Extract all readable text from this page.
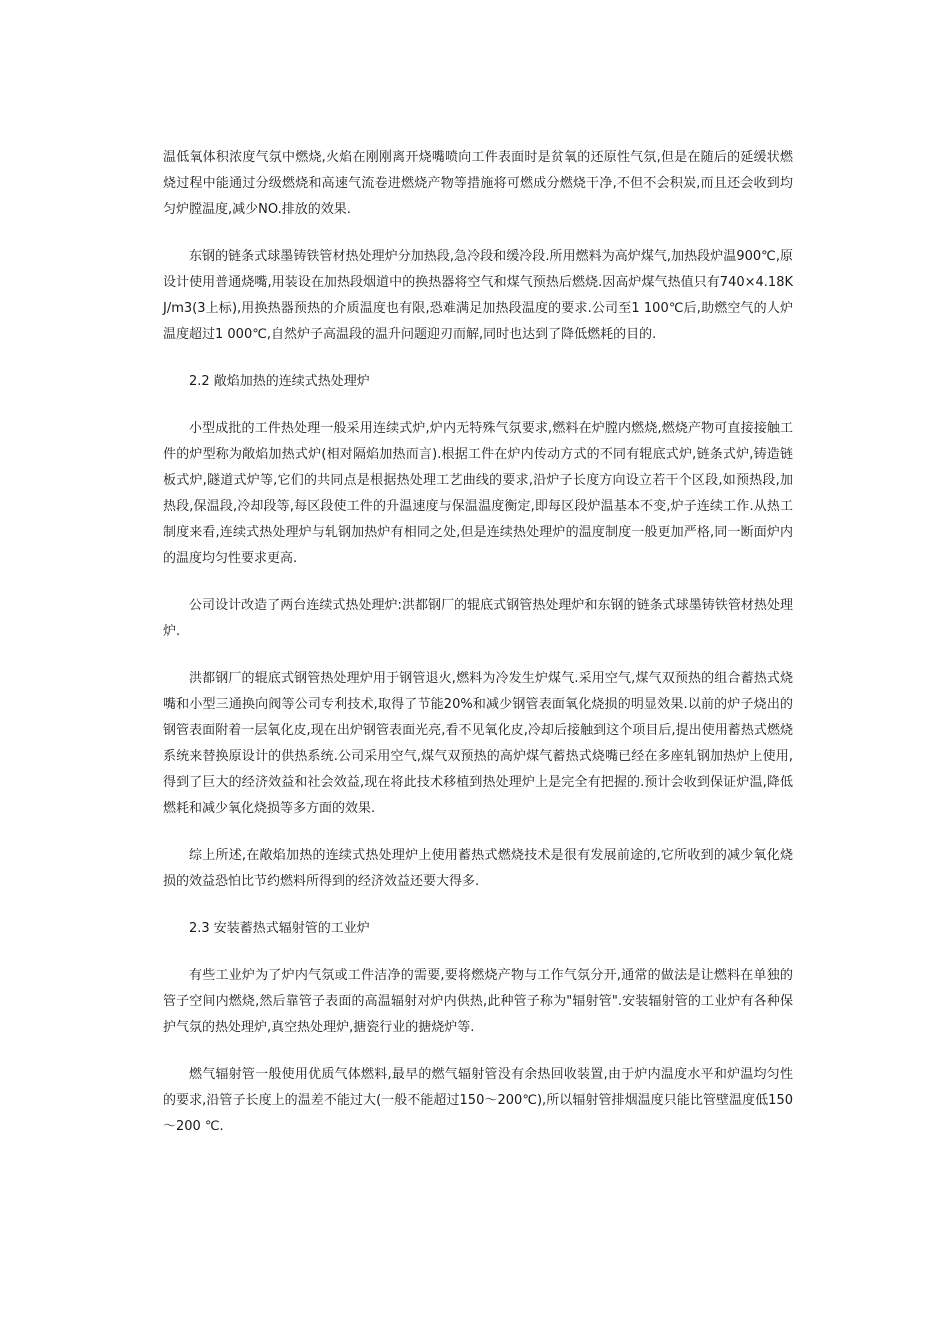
温低氧体积浓度气氛中燃烧,火焰在刚刚离开烧嘴喷向工件表面时是贫氧的还原性气氛,但是在随后的延缓状燃烧过程中能通过分级燃烧和高速气流卷进燃烧产物等措施将可燃成分燃烧干净,不但不会积炭,而且还会收到均匀炉膛温度,减少NO.排放的效果.

东钢的链条式球墨铸铁管材热处理炉分加热段,急冷段和缓冷段.所用燃料为高炉煤气,加热段炉温900℃,原设计使用普通烧嘴,用装设在加热段烟道中的换热器将空气和煤气预热后燃烧.因高炉煤气热值只有740×4.18KJ/m3(3上标),用换热器预热的介质温度也有限,恐难满足加热段温度的要求.公司至1 100℃后,助燃空气的人炉温度超过1 000℃,自然炉子高温段的温升问题迎刃而解,同时也达到了降低燃耗的目的.

2.2 敞焰加热的连续式热处理炉

小型成批的工件热处理一般采用连续式炉,炉内无特殊气氛要求,燃料在炉膛内燃烧,燃烧产物可直接接触工件的炉型称为敞焰加热式炉(相对隔焰加热而言).根据工件在炉内传动方式的不同有辊底式炉,链条式炉,铸造链板式炉,隧道式炉等,它们的共同点是根据热处理工艺曲线的要求,沿炉子长度方向设立若干个区段,如预热段,加热段,保温段,冷却段等,每区段使工件的升温速度与保温温度衡定,即每区段炉温基本不变,炉子连续工作.从热工制度来看,连续式热处理炉与轧钢加热炉有相同之处,但是连续热处理炉的温度制度一般更加严格,同一断面炉内的温度均匀性要求更高.

公司设计改造了两台连续式热处理炉:洪都钢厂的辊底式钢管热处理炉和东钢的链条式球墨铸铁管材热处理炉.

洪都钢厂的辊底式钢管热处理炉用于钢管退火,燃料为冷发生炉煤气.采用空气,煤气双预热的组合蓄热式烧嘴和小型三通换向阀等公司专利技术,取得了节能20%和减少钢管表面氧化烧损的明显效果.以前的炉子烧出的钢管表面附着一层氧化皮,现在出炉钢管表面光亮,看不见氧化皮,冷却后接触到这个项目后,提出使用蓄热式燃烧系统来替换原设计的供热系统.公司采用空气,煤气双预热的高炉煤气蓄热式烧嘴已经在多座轧钢加热炉上使用,得到了巨大的经济效益和社会效益,现在将此技术移植到热处理炉上是完全有把握的.预计会收到保证炉温,降低燃耗和减少氧化烧损等多方面的效果.

综上所述,在敞焰加热的连续式热处理炉上使用蓄热式燃烧技术是很有发展前途的,它所收到的减少氧化烧损的效益恐怕比节约燃料所得到的经济效益还要大得多.

2.3 安装蓄热式辐射管的工业炉

有些工业炉为了炉内气氛或工件洁净的需要,要将燃烧产物与工作气氛分开,通常的做法是让燃料在单独的管子空间内燃烧,然后靠管子表面的高温辐射对炉内供热,此种管子称为"辐射管".安装辐射管的工业炉有各种保护气氛的热处理炉,真空热处理炉,搪瓷行业的搪烧炉等.

燃气辐射管一般使用优质气体燃料,最早的燃气辐射管没有余热回收装置,由于炉内温度水平和炉温均匀性的要求,沿管子长度上的温差不能过大(一般不能超过150～200℃),所以辐射管排烟温度只能比管壁温度低150～200 ℃.
